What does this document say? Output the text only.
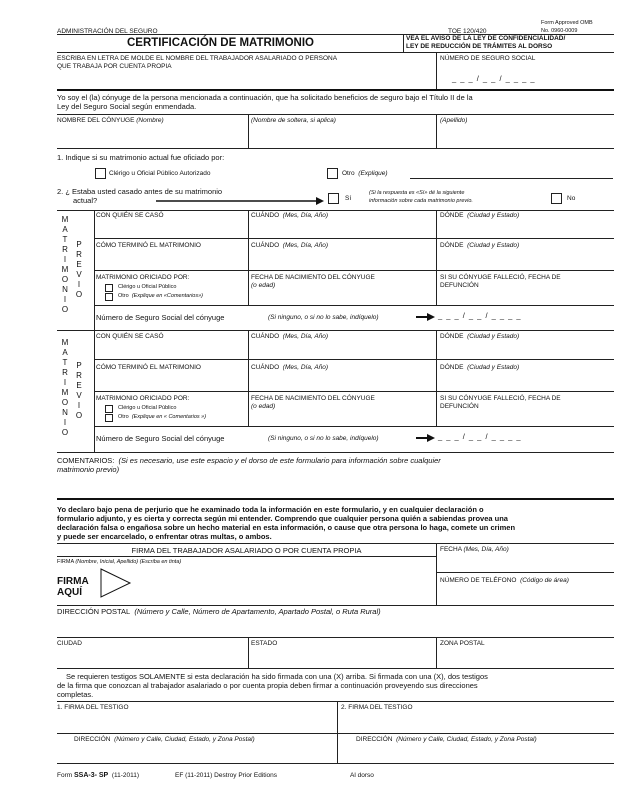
ADMINISTRACIÓN DEL SEGURO	TOE 120/420
Form Approved OMB
No. 0960-0009
CERTIFICACIÓN DE MATRIMONIO	VEA EL AVISO DE LA LEY DE CONFIDENCIALIDAD/
LEY DE REDUCCIÓN DE TRÁMITES AL DORSO
ESCRIBA EN LETRA DE MOLDE EL NOMBRE DEL TRABAJADOR ASALARIADO O PERSONA
QUE TRABAJA POR CUENTA PROPIA
NÚMERO DE SEGURO SOCIAL
_ _ _ / _ _ / _ _ _ _
Yo soy el (la) cónyuge de la persona mencionada a continuación, que ha solicitado beneficios de seguro bajo el Título II de la
Ley del Seguro Social según enmendada.
NOMBRE DEL CÓNYUGE (Nombre)	(Nombre de soltera, si aplica)	(Apellido)
1. Indique si su matrimonio actual fue oficiado por:
Clérigo u Oficial Público Autorizado	Otro (Explique)
2. ¿ Estaba usted casado antes de su matrimonio
actual?	Sí
(Si la respuesta es «Sí» dé la siguiente
información sobre cada matrimonio previo.	No
M
A
T
R
I
M
O
N
I
O
P
R
E
V
I
O
CON QUIÉN SE CASÓ	CUÁNDO (Mes, Día, Año)	DÓNDE (Ciudad y Estado)
CÓMO TERMINÓ EL MATRIMONIO	CUÁNDO (Mes, Día, Año)	DÓNDE (Ciudad y Estado)
MATRIMONIO ORICIADO POR:
Clérigo u Oficial Público
Otro (Explique en «Comentarios»)
FECHA DE NACIMIENTO DEL CÓNYUGE
(o edad)
SI SU CÓNYUGE FALLECIÓ, FECHA DE
DEFUNCIÓN
Número de Seguro Social del cónyuge	(Si ninguno, o si no lo sabe, indíquelo)	_ _ _ / _ _ / _ _ _ _
M
A
T
R
I
M
O
N
I
O
P
R
E
V
I
O
CON QUIÉN SE CASÓ	CUÁNDO (Mes, Día, Año)	DÓNDE (Ciudad y Estado)
CÓMO TERMINÓ EL MATRIMONIO	CUÁNDO (Mes, Día, Año)	DÓNDE (Ciudad y Estado)
MATRIMONIO ORICIADO POR:
Clérigo u Oficial Público
Otro (Explique en « Comentarios »)
FECHA DE NACIMIENTO DEL CÓNYUGE
(o edad)
SI SU CÓNYUGE FALLECIÓ, FECHA DE
DEFUNCIÓN
Número de Seguro Social del cónyuge	(Si ninguno, o si no lo sabe, indíquelo)	_ _ _ / _ _ / _ _ _ _
COMENTARIOS: (Si es necesario, use este espacio y el dorso de este formulario para información sobre cualquier
matrimonio previo)
Yo declaro bajo pena de perjurio que he examinado toda la información en este formulario, y en cualquier declaración o
formulario adjunto, y es cierta y correcta según mi entender. Comprendo que cualquier persona quién a sabiendas provea una
declaración falsa o engañosa sobre un hecho material en esta información, o cause que otra persona lo haga, comete un crimen
y puede ser encarcelado, o enfrentar otras multas, o ambos.
FIRMA DEL TRABAJADOR ASALARIADO O POR CUENTA PROPIA	FECHA (Mes, Día, Año)
FIRMA (Nombre, Inicial, Apellido) (Escriba en tinta)
FIRMA
AQUÍ
NÚMERO DE TELÉFONO (Código de área)
DIRECCIÓN POSTAL (Número y Calle, Número de Apartamento, Apartado Postal, o Ruta Rural)
CIUDAD	ESTADO	ZONA POSTAL
Se requieren testigos SOLAMENTE si esta declaración ha sido firmada con una (X) arriba. Si firmada con una (X), dos testigos
de la firma que conozcan al trabajador asalariado o por cuenta propia deben firmar a continuación proveyendo sus direcciones
completas.
1. FIRMA DEL TESTIGO	2. FIRMA DEL TESTIGO
DIRECCIÓN (Número y Calle, Ciudad, Estado, y Zona Postal)	DIRECCIÓN (Número y Calle, Ciudad, Estado, y Zona Postal)
Form SSA-3- SP (11-2011)	EF (11-2011) Destroy Prior Editions	Al dorso
